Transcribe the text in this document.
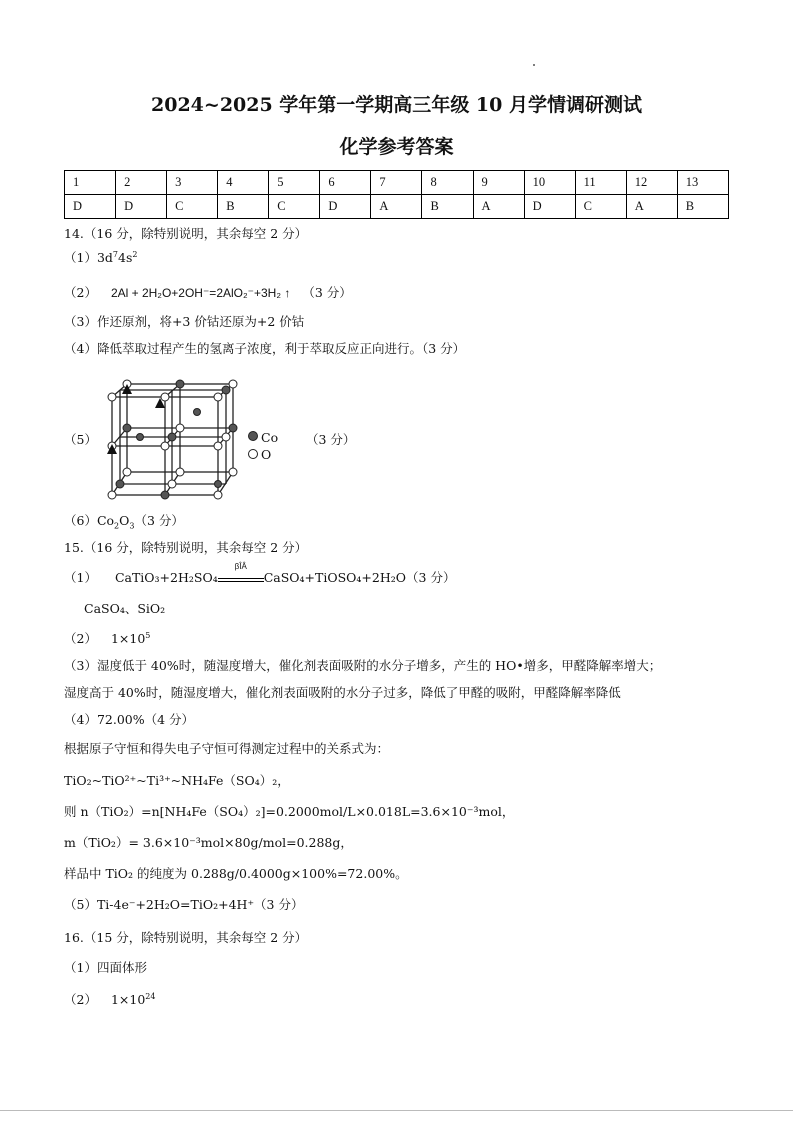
2024~2025 学年第一学期高三年级 10 月学情调研测试
化学参考答案
1	2	3	4	5	6	7	8	9	10	11	12	13
D	D	C	B	C	D	A	B	A	D	C	A	B
14.（16 分，除特别说明，其余每空 2 分）
$(1)3d^74s^2$
（2） 2Al + 2H₂O+2OH⁻=2AlO₂⁻+3H₂ ↑ （3 分）
（3）作还原剂，将+3 价钴还原为+2 价钴
（4）降低萃取过程产生的氢离子浓度，利于萃取反应正向进行。（3 分）
（5）	Co
O
（3 分）
$(6)Co_2O_3(3$ 分）
15.（16 分，除特别说明，其余每空 2 分）
（1） CaTiO₃+2H₂SO₄
βÎÂ
CaSO₄+TiOSO₄+2H₂O（3 分）
CaSO₄、SiO₂
（2） $1\times 10^5$
（3）湿度低于 40%时，随湿度增大，催化剂表面吸附的水分子增多，产生的 HO•增多，甲醛降解率增大；
湿度高于 40%时，随湿度增大，催化剂表面吸附的水分子过多，降低了甲醛的吸附，甲醛降解率降低
（4）72.00%（4 分）
根据原子守恒和得失电子守恒可得测定过程中的关系式为：
TiO₂~TiO²⁺~Ti³⁺~NH₄Fe（SO₄）₂，
则 n（TiO₂）=n[NH₄Fe（SO₄）₂]=0.2000mol/L×0.018L=3.6×10⁻³mol，
m（TiO₂）= 3.6×10⁻³mol×80g/mol=0.288g，
样品中 TiO₂ 的纯度为 0.288g/0.4000g×100%=72.00%。
（5）Ti-4e⁻+2H₂O=TiO₂+4H⁺（3 分）
16.（15 分，除特别说明，其余每空 2 分）
（1）四面体形
（2） $1\times 10^{24}$
